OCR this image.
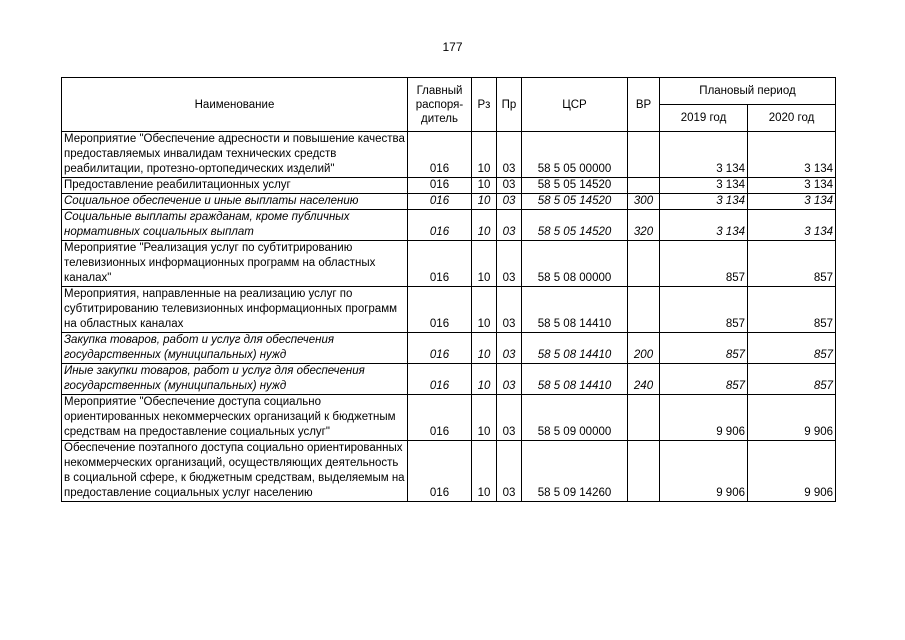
177
Наименование	Главный распоря-дитель	Рз	Пр	ЦСР	ВР	Плановый период	
						2019 год	2020 год
Мероприятие "Обеспечение адресности и повышение качества предоставляемых инвалидам технических средств реабилитации, протезно-ортопедических изделий"	016	10	03	58 5 05 00000		3 134	3 134
Предоставление реабилитационных услуг	016	10	03	58 5 05 14520		3 134	3 134
Социальное обеспечение и иные выплаты населению	016	10	03	58 5 05 14520	300	3 134	3 134
Социальные выплаты гражданам, кроме публичных нормативных социальных выплат	016	10	03	58 5 05 14520	320	3 134	3 134
Мероприятие "Реализация услуг по субтитрированию телевизионных информационных программ на областных каналах"	016	10	03	58 5 08 00000		857	857
Мероприятия, направленные на реализацию услуг по субтитрированию телевизионных информационных программ на областных каналах	016	10	03	58 5 08 14410		857	857
Закупка товаров, работ и услуг для обеспечения государственных (муниципальных) нужд	016	10	03	58 5 08 14410	200	857	857
Иные закупки товаров, работ и услуг для обеспечения государственных (муниципальных) нужд	016	10	03	58 5 08 14410	240	857	857
Мероприятие "Обеспечение доступа социально ориентированных некоммерческих организаций к бюджетным средствам на предоставление социальных услуг"	016	10	03	58 5 09 00000		9 906	9 906
Обеспечение поэтапного доступа социально ориентированных некоммерческих организаций, осуществляющих деятельность в социальной сфере, к бюджетным средствам, выделяемым на предоставление социальных услуг населению	016	10	03	58 5 09 14260		9 906	9 906
